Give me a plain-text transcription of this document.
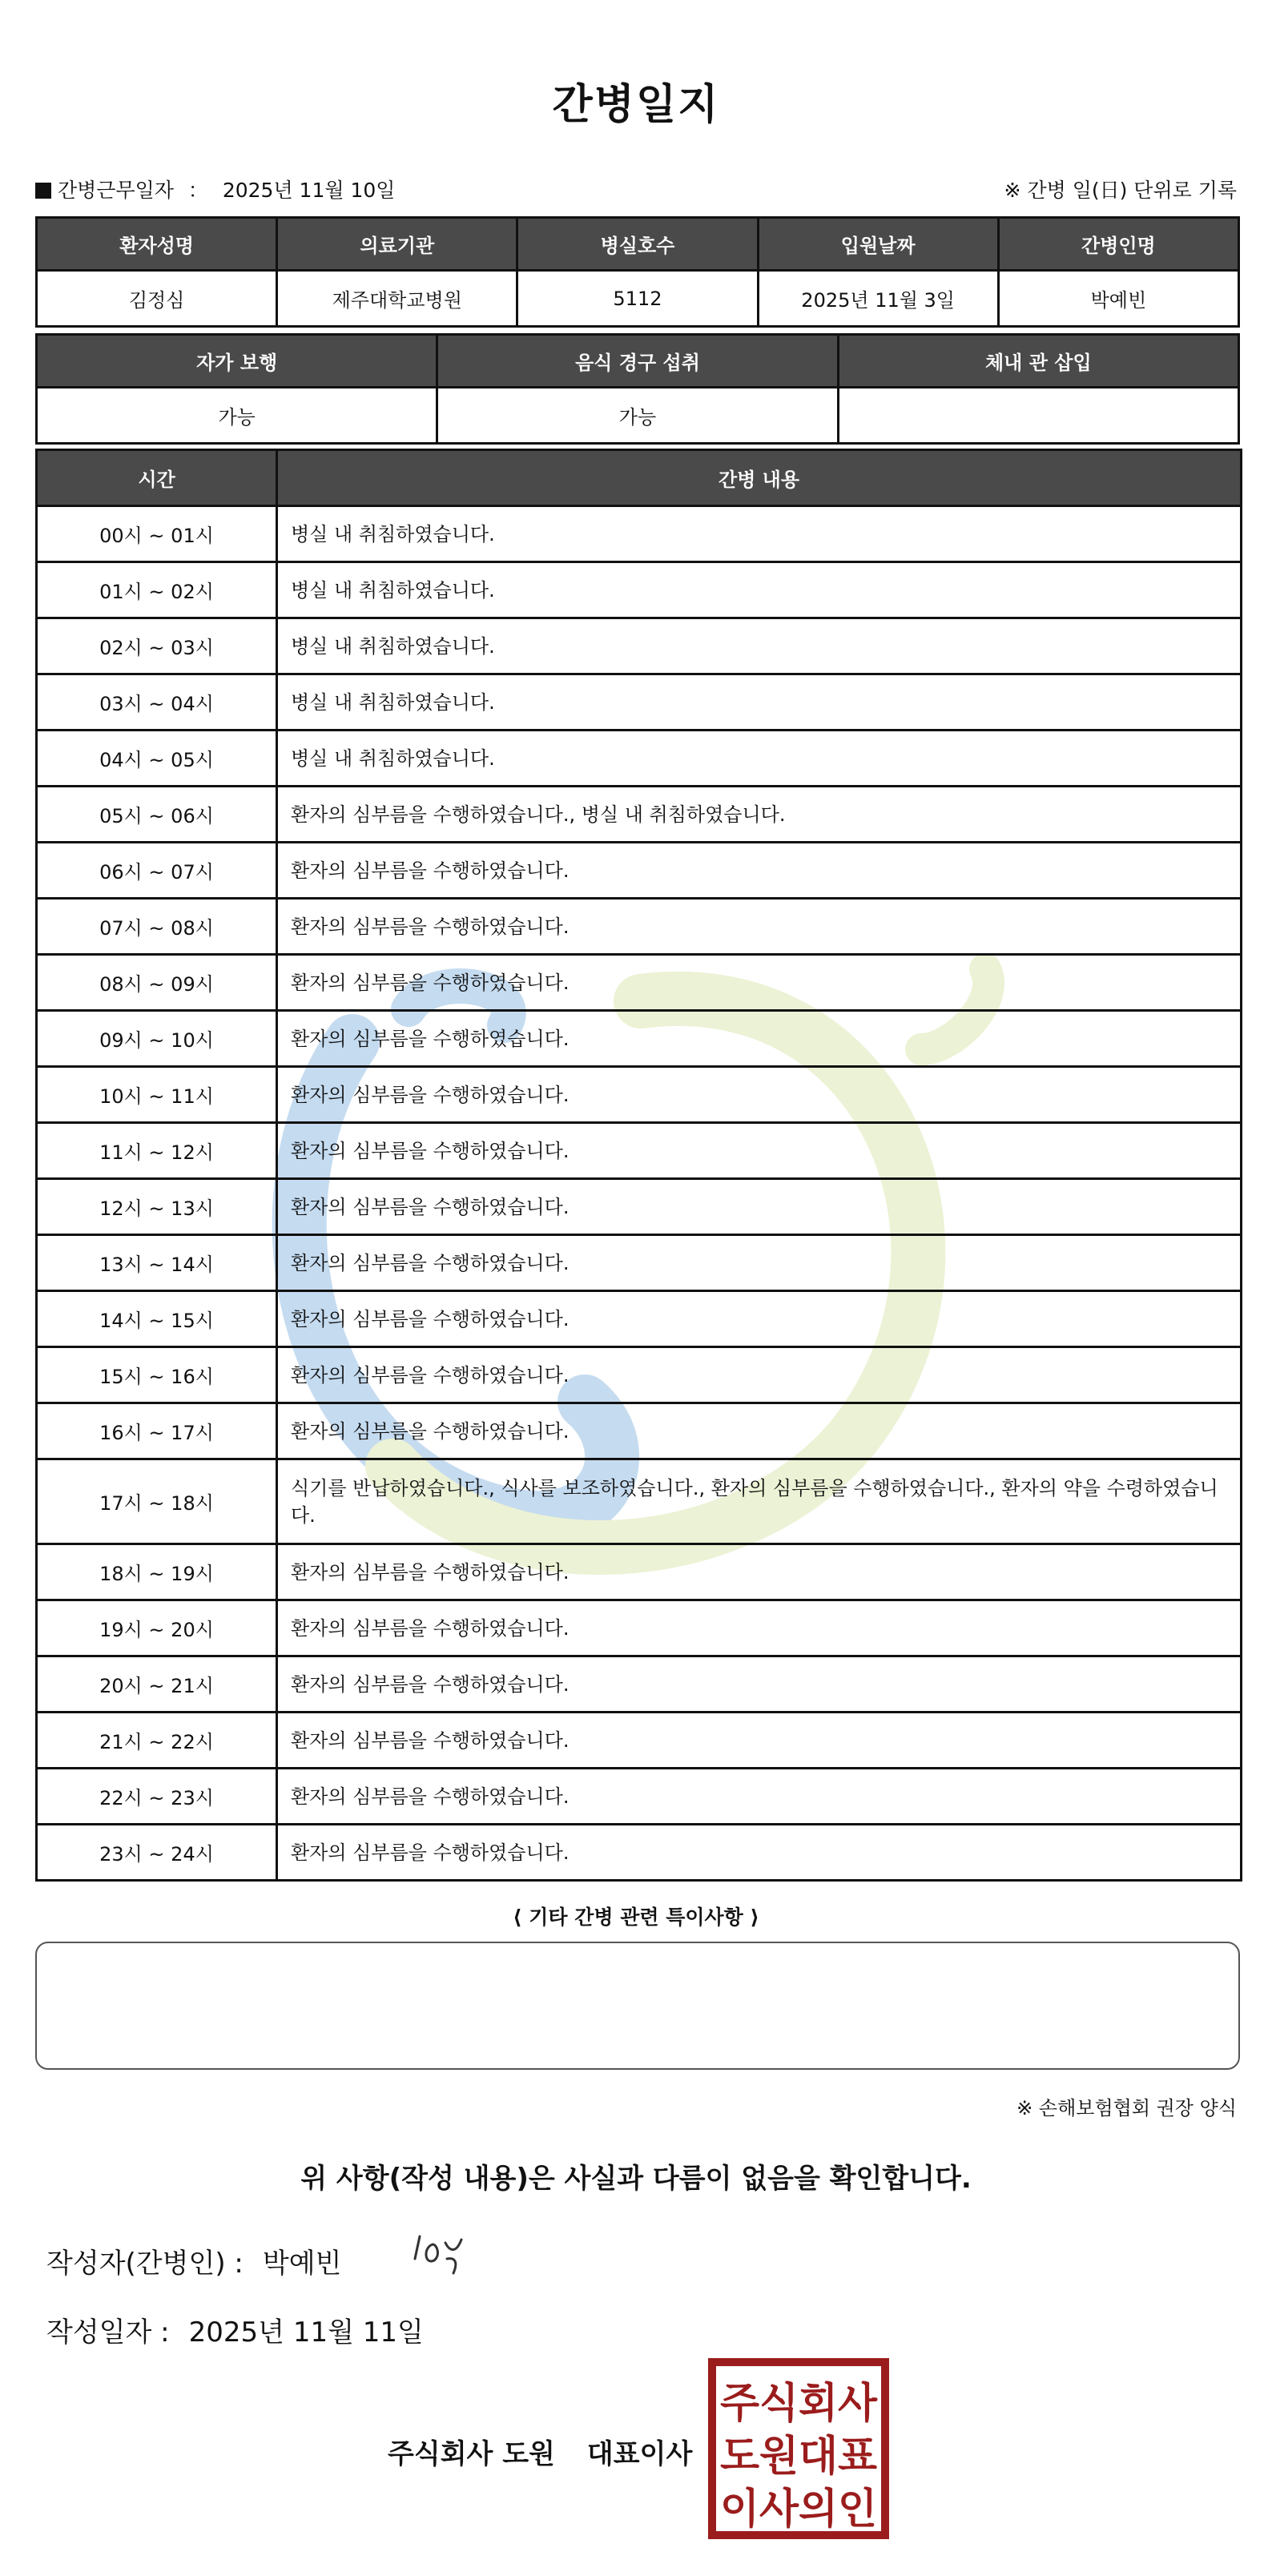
간병일지
간병근무일자 ： 2025년 11월 10일	※ 간병 일(日) 단위로 기록
환자성명	의료기관	병실호수	입원날짜	간병인명
김정심	제주대학교병원	5112	2025년 11월 3일	박예빈
자가 보행	음식 경구 섭취	체내 관 삽입
가능	가능	
시간	간병 내용
00시 ~ 01시	병실 내 취침하였습니다.
01시 ~ 02시	병실 내 취침하였습니다.
02시 ~ 03시	병실 내 취침하였습니다.
03시 ~ 04시	병실 내 취침하였습니다.
04시 ~ 05시	병실 내 취침하였습니다.
05시 ~ 06시	환자의 심부름을 수행하였습니다., 병실 내 취침하였습니다.
06시 ~ 07시	환자의 심부름을 수행하였습니다.
07시 ~ 08시	환자의 심부름을 수행하였습니다.
08시 ~ 09시	환자의 심부름을 수행하였습니다.
09시 ~ 10시	환자의 심부름을 수행하였습니다.
10시 ~ 11시	환자의 심부름을 수행하였습니다.
11시 ~ 12시	환자의 심부름을 수행하였습니다.
12시 ~ 13시	환자의 심부름을 수행하였습니다.
13시 ~ 14시	환자의 심부름을 수행하였습니다.
14시 ~ 15시	환자의 심부름을 수행하였습니다.
15시 ~ 16시	환자의 심부름을 수행하였습니다.
16시 ~ 17시	환자의 심부름을 수행하였습니다.
17시 ~ 18시	식기를 반납하였습니다., 식사를 보조하였습니다., 환자의 심부름을 수행하였습니다., 환자의 약을 수령하였습니다.
18시 ~ 19시	환자의 심부름을 수행하였습니다.
19시 ~ 20시	환자의 심부름을 수행하였습니다.
20시 ~ 21시	환자의 심부름을 수행하였습니다.
21시 ~ 22시	환자의 심부름을 수행하였습니다.
22시 ~ 23시	환자의 심부름을 수행하였습니다.
23시 ~ 24시	환자의 심부름을 수행하였습니다.
⟨ 기타 간병 관련 특이사항 ⟩
※ 손해보험협회 권장 양식
위 사항(작성 내용)은 사실과 다름이 없음을 확인합니다.
작성자(간병인) : 박예빈
작성일자 : 2025년 11월 11일
주식회사 도원 대표이사
주식회사
도원대표
이사의인
